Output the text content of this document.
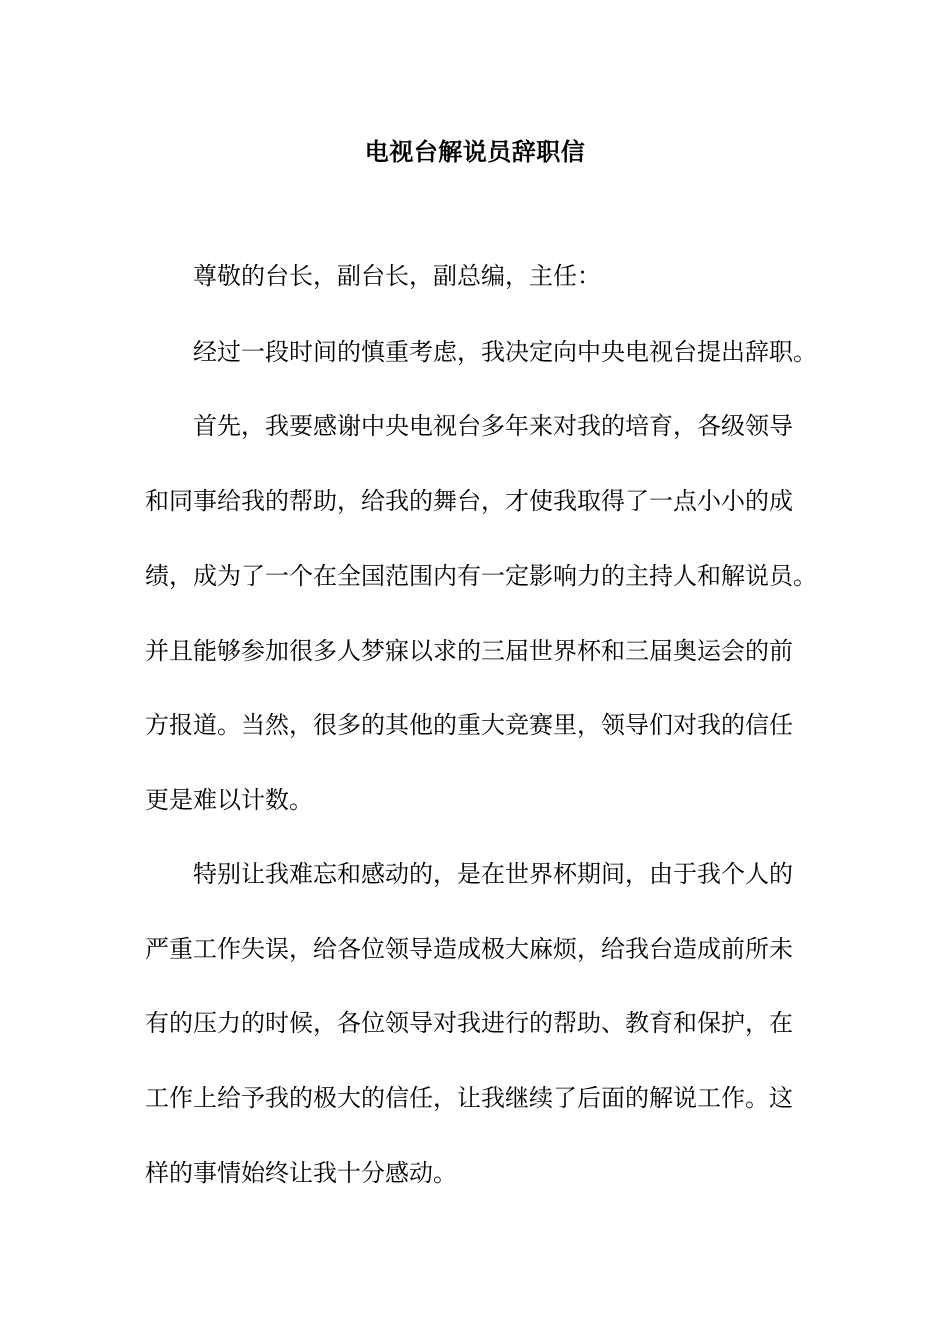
电视台解说员辞职信
尊敬的台长，副台长，副总编，主任：
经过一段时间的慎重考虑，我决定向中央电视台提出辞职。
首先，我要感谢中央电视台多年来对我的培育，各级领导
和同事给我的帮助，给我的舞台，才使我取得了一点小小的成
绩，成为了一个在全国范围内有一定影响力的主持人和解说员。
并且能够参加很多人梦寐以求的三届世界杯和三届奥运会的前
方报道。当然，很多的其他的重大竞赛里，领导们对我的信任
更是难以计数。
特别让我难忘和感动的，是在世界杯期间，由于我个人的
严重工作失误，给各位领导造成极大麻烦，给我台造成前所未
有的压力的时候，各位领导对我进行的帮助、教育和保护，在
工作上给予我的极大的信任，让我继续了后面的解说工作。这
样的事情始终让我十分感动。
